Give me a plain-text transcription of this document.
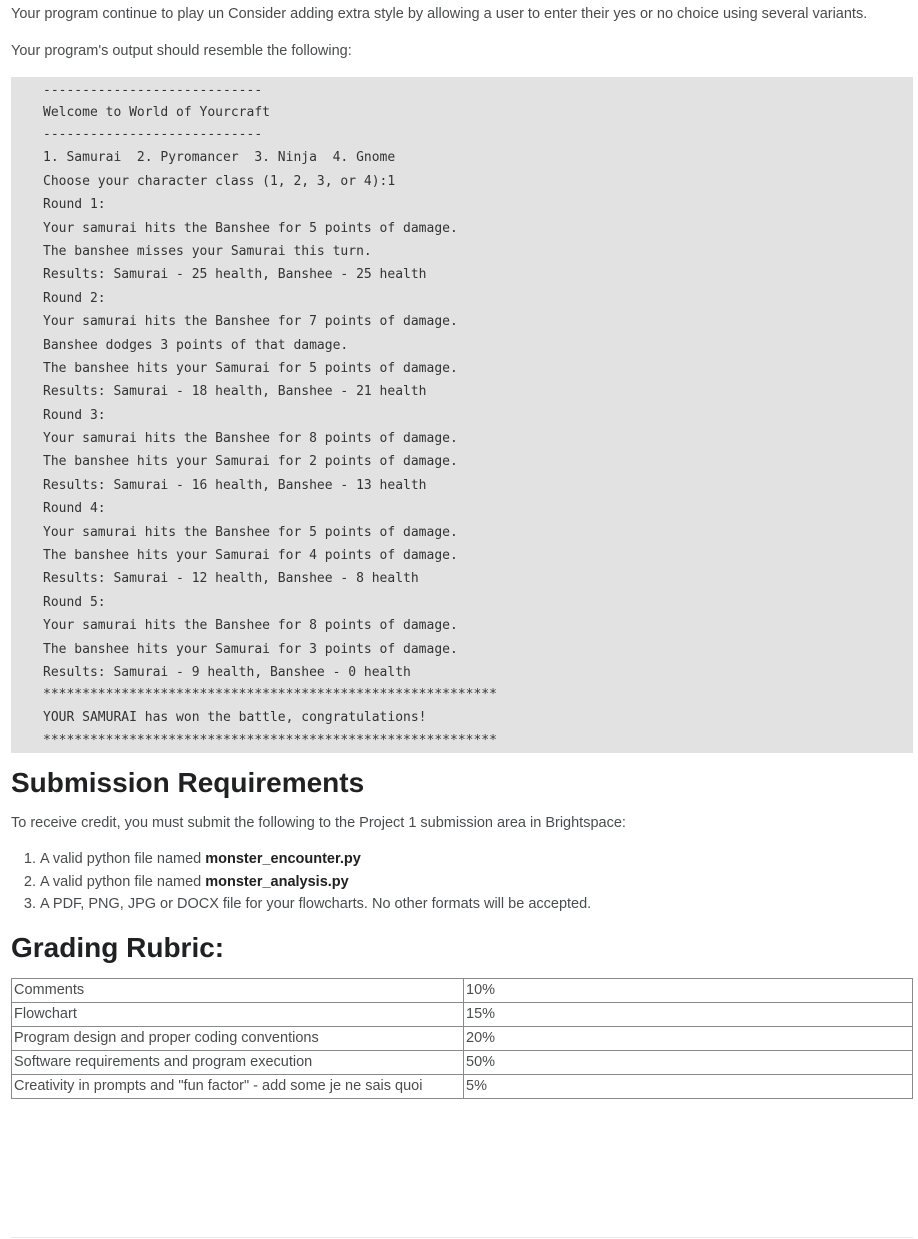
Your program continue to play un Consider adding extra style by allowing a user to enter their yes or no choice using several variants.

Your program's output should resemble the following:

----------------------------
Welcome to World of Yourcraft
----------------------------
1. Samurai  2. Pyromancer  3. Ninja  4. Gnome
Choose your character class (1, 2, 3, or 4):1
Round 1:
Your samurai hits the Banshee for 5 points of damage.
The banshee misses your Samurai this turn.
Results: Samurai - 25 health, Banshee - 25 health
Round 2:
Your samurai hits the Banshee for 7 points of damage.
Banshee dodges 3 points of that damage.
The banshee hits your Samurai for 5 points of damage.
Results: Samurai - 18 health, Banshee - 21 health
Round 3:
Your samurai hits the Banshee for 8 points of damage.
The banshee hits your Samurai for 2 points of damage.
Results: Samurai - 16 health, Banshee - 13 health
Round 4:
Your samurai hits the Banshee for 5 points of damage.
The banshee hits your Samurai for 4 points of damage.
Results: Samurai - 12 health, Banshee - 8 health
Round 5:
Your samurai hits the Banshee for 8 points of damage.
The banshee hits your Samurai for 3 points of damage.
Results: Samurai - 9 health, Banshee - 0 health
**********************************************************
YOUR SAMURAI has won the battle, congratulations!
**********************************************************
Submission Requirements

To receive credit, you must submit the following to the Project 1 submission area in Brightspace:

1. A valid python file named monster_encounter.py
2. A valid python file named monster_analysis.py
3. A PDF, PNG, JPG or DOCX file for your flowcharts. No other formats will be accepted.
Grading Rubric:
Comments	10%
Flowchart	15%
Program design and proper coding conventions	20%
Software requirements and program execution	50%
Creativity in prompts and "fun factor" - add some je ne sais quoi	5%
